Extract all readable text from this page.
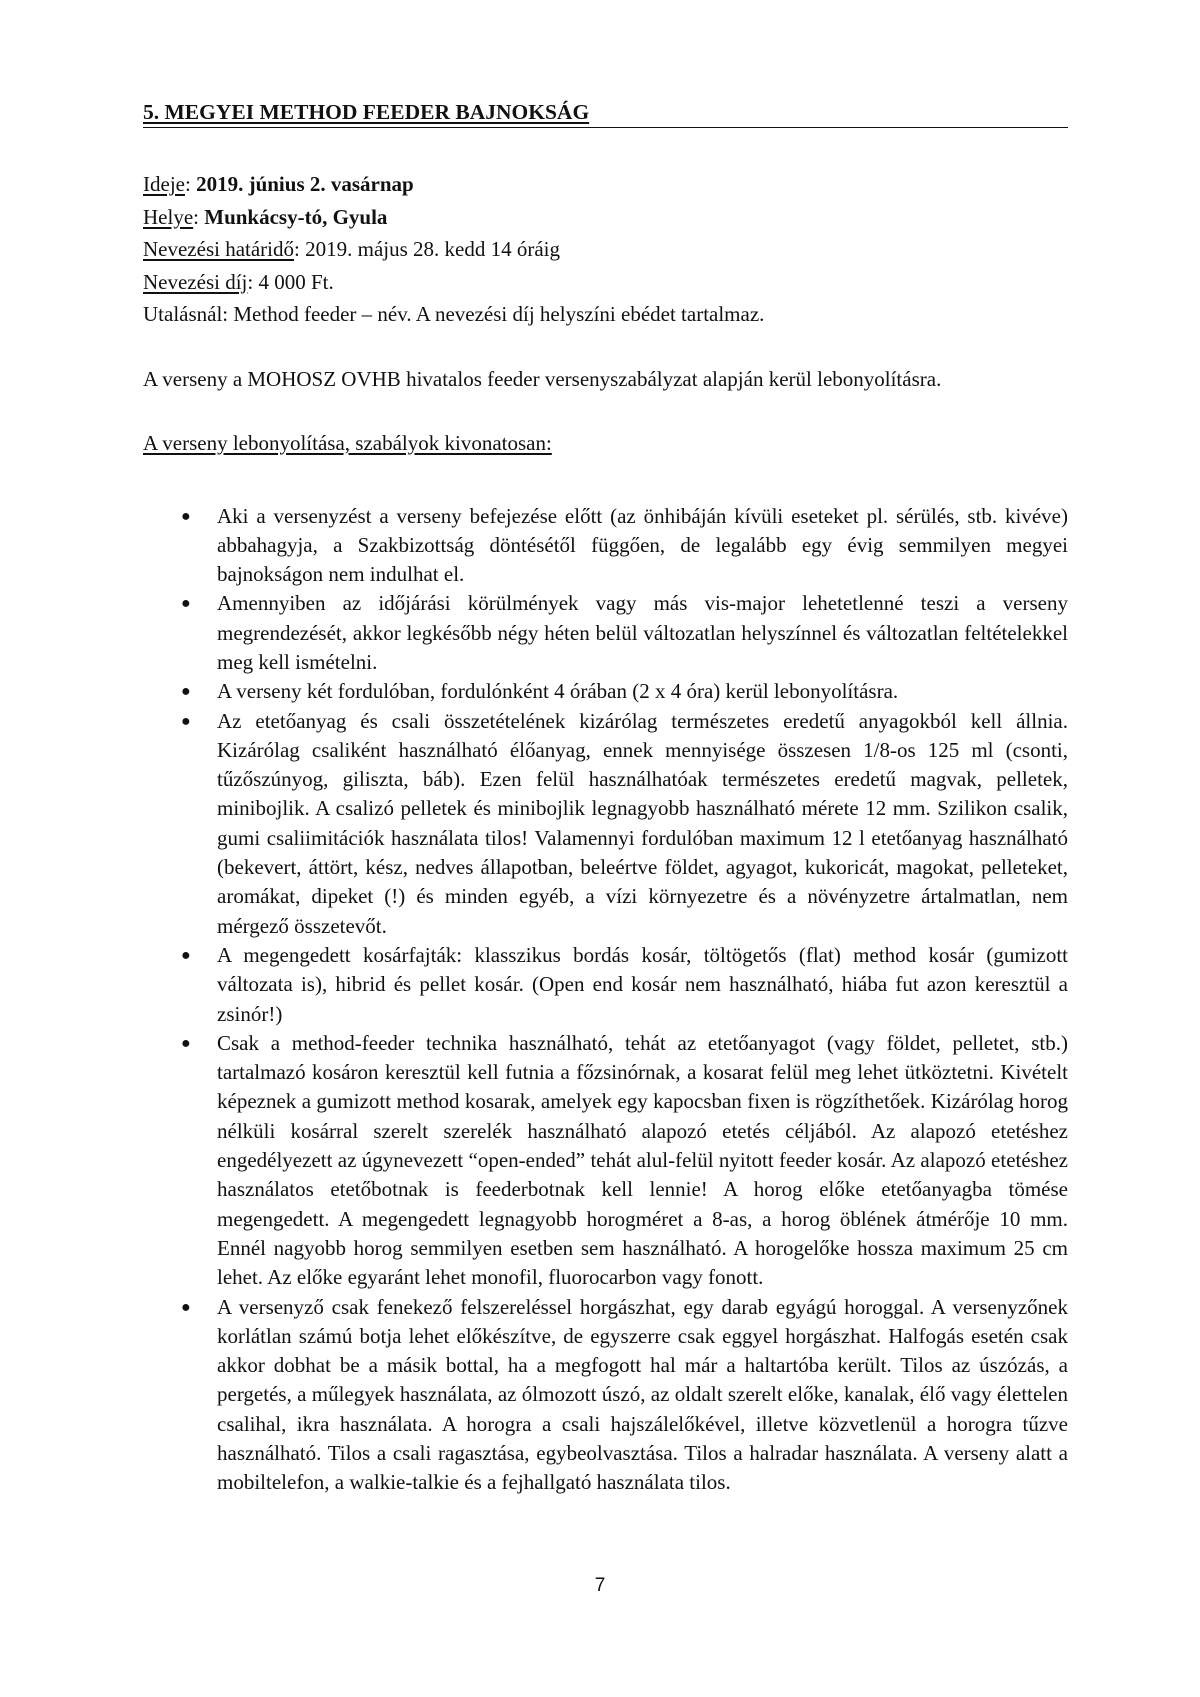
5. MEGYEI METHOD FEEDER BAJNOKSÁG
Ideje: 2019. június 2. vasárnap
Helye: Munkácsy-tó, Gyula
Nevezési határidő: 2019. május 28. kedd 14 óráig
Nevezési díj: 4 000 Ft.
Utalásnál: Method feeder – név. A nevezési díj helyszíni ebédet tartalmaz.
A verseny a MOHOSZ OVHB hivatalos feeder versenyszabályzat alapján kerül lebonyolításra.
A verseny lebonyolítása, szabályok kivonatosan:
● Aki a versenyzést a verseny befejezése előtt (az önhibáján kívüli eseteket pl. sérülés, stb. kivéve) abbahagyja, a Szakbizottság döntésétől függően, de legalább egy évig semmilyen megyei bajnokságon nem indulhat el.
● Amennyiben az időjárási körülmények vagy más vis-major lehetetlenné teszi a verseny megrendezését, akkor legkésőbb négy héten belül változatlan helyszínnel és változatlan feltételekkel meg kell ismételni.
● A verseny két fordulóban, fordulónként 4 órában (2 x 4 óra) kerül lebonyolításra.
● Az etetőanyag és csali összetételének kizárólag természetes eredetű anyagokból kell állnia. Kizárólag csaliként használható élőanyag, ennek mennyisége összesen 1/8-os 125 ml (csonti, tűzőszúnyog, giliszta, báb). Ezen felül használhatóak természetes eredetű magvak, pelletek, minibojlik. A csalizó pelletek és minibojlik legnagyobb használható mérete 12 mm. Szilikon csalik, gumi csaliimitációk használata tilos! Valamennyi fordulóban maximum 12 l etetőanyag használható (bekevert, áttört, kész, nedves állapotban, beleértve földet, agyagot, kukoricát, magokat, pelleteket, aromákat, dipeket (!) és minden egyéb, a vízi környezetre és a növényzetre ártalmatlan, nem mérgező összetevőt.
● A megengedett kosárfajták: klasszikus bordás kosár, töltögetős (flat) method kosár (gumizott változata is), hibrid és pellet kosár. (Open end kosár nem használható, hiába fut azon keresztül a zsinór!)
● Csak a method-feeder technika használható, tehát az etetőanyagot (vagy földet, pelletet, stb.) tartalmazó kosáron keresztül kell futnia a főzsinórnak, a kosarat felül meg lehet ütköztetni. Kivételt képeznek a gumizott method kosarak, amelyek egy kapocsban fixen is rögzíthetőek. Kizárólag horog nélküli kosárral szerelt szerelék használható alapozó etetés céljából. Az alapozó etetéshez engedélyezett az úgynevezett “open-ended” tehát alul-felül nyitott feeder kosár. Az alapozó etetéshez használatos etetőbotnak is feederbotnak kell lennie! A horog előke etetőanyagba tömése megengedett. A megengedett legnagyobb horogméret a 8-as, a horog öblének átmérője 10 mm. Ennél nagyobb horog semmilyen esetben sem használható. A horogelőke hossza maximum 25 cm lehet. Az előke egyaránt lehet monofil, fluorocarbon vagy fonott.
● A versenyző csak fenekező felszereléssel horgászhat, egy darab egyágú horoggal. A versenyzőnek korlátlan számú botja lehet előkészítve, de egyszerre csak eggyel horgászhat. Halfogás esetén csak akkor dobhat be a másik bottal, ha a megfogott hal már a haltartóba került. Tilos az úszózás, a pergetés, a műlegyek használata, az ólmozott úszó, az oldalt szerelt előke, kanalak, élő vagy élettelen csalihal, ikra használata. A horogra a csali hajszálelőkével, illetve közvetlenül a horogra tűzve használható. Tilos a csali ragasztása, egybeolvasztása. Tilos a halradar használata. A verseny alatt a mobiltelefon, a walkie-talkie és a fejhallgató használata tilos.
7
